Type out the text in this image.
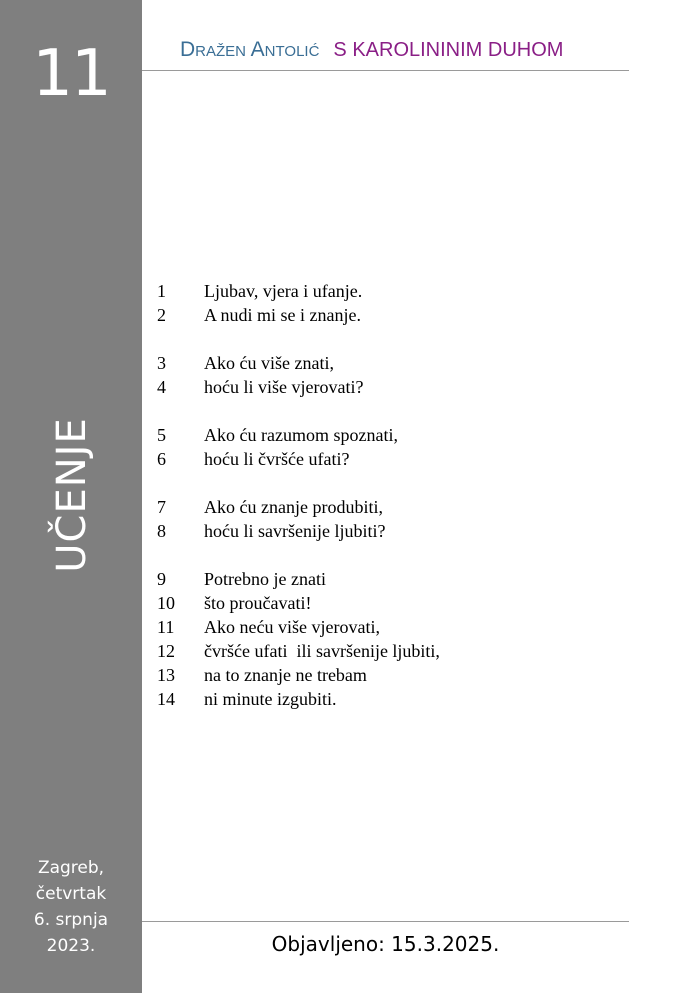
11
UČENJE
Zagreb,
četvrtak
6. srpnja
2023.
Dražen Antolić S KAROLININIM DUHOM
1 Ljubav, vjera i ufanje.
2 A nudi mi se i znanje.
3 Ako ću više znati,
4 hoću li više vjerovati?
5 Ako ću razumom spoznati,
6 hoću li čvršće ufati?
7 Ako ću znanje produbiti,
8 hoću li savršenije ljubiti?
9 Potrebno je znati
10 što proučavati!
11 Ako neću više vjerovati,
12 čvršće ufati  ili savršenije ljubiti,
13 na to znanje ne trebam
14 ni minute izgubiti.
Objavljeno: 15.3.2025.
